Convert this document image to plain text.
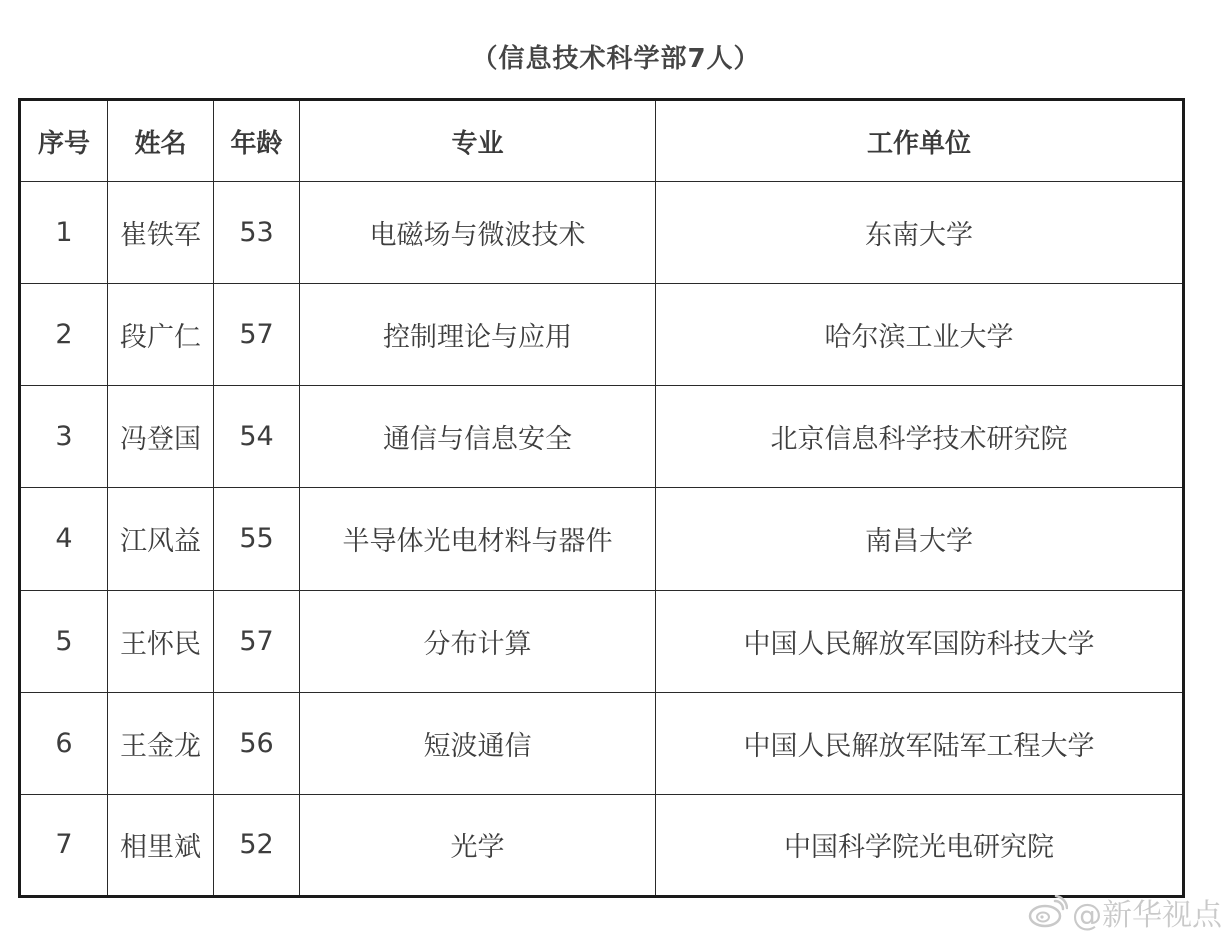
（信息技术科学部7人）
序号	姓名	年龄	专业	工作单位
1	崔铁军	53	电磁场与微波技术	东南大学
2	段广仁	57	控制理论与应用	哈尔滨工业大学
3	冯登国	54	通信与信息安全	北京信息科学技术研究院
4	江风益	55	半导体光电材料与器件	南昌大学
5	王怀民	57	分布计算	中国人民解放军国防科技大学
6	王金龙	56	短波通信	中国人民解放军陆军工程大学
7	相里斌	52	光学	中国科学院光电研究院
@新华视点
